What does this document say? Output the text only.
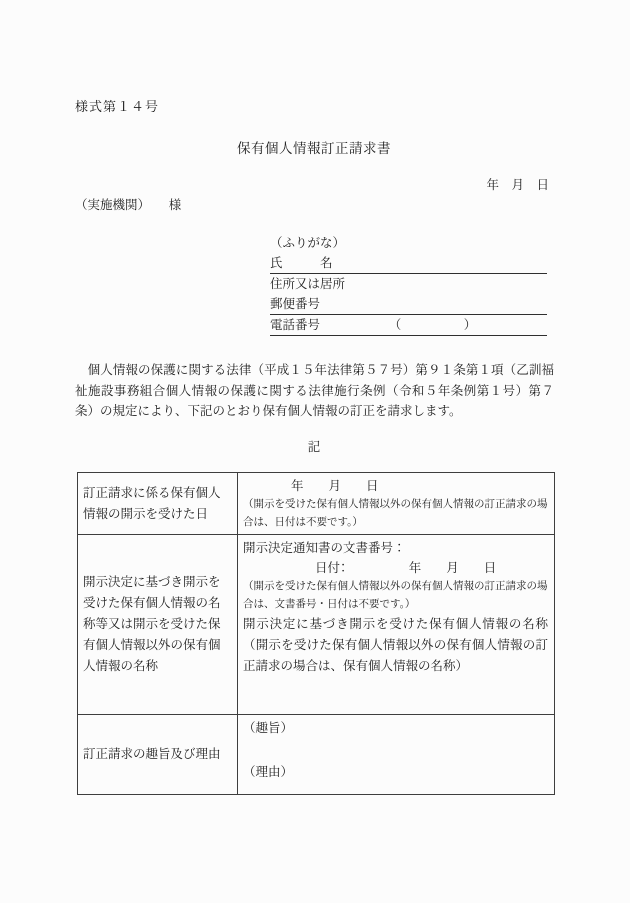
様式第１４号
保有個人情報訂正請求書
年　月　日
（実施機関）　　様
（ふりがな）
氏　　　名
住所又は居所
郵便番号
電話番号　　　　　　（　　　　　）
　個人情報の保護に関する法律（平成１５年法律第５７号）第９１条第１項（乙訓福祉施設事務組合個人情報の保護に関する法律施行条例（令和５年条例第１号）第７条）の規定により、下記のとおり保有個人情報の訂正を請求します。
記
訂正請求に係る保有個人情報の開示を受けた日	年　　月　　日
（開示を受けた保有個人情報以外の保有個人情報の訂正請求の場合は、日付は不要です。）

開示決定に基づき開示を受けた保有個人情報の名称等又は開示を受けた保有個人情報以外の保有個人情報の名称	開示決定通知書の文書番号：
日付：　　　　　年　　月　　日
（開示を受けた保有個人情報以外の保有個人情報の訂正請求の場合は、文書番号・日付は不要です。）
開示決定に基づき開示を受けた保有個人情報の名称（開示を受けた保有個人情報以外の保有個人情報の訂正請求の場合は、保有個人情報の名称）

訂正請求の趣旨及び理由	（趣旨）
（理由）
